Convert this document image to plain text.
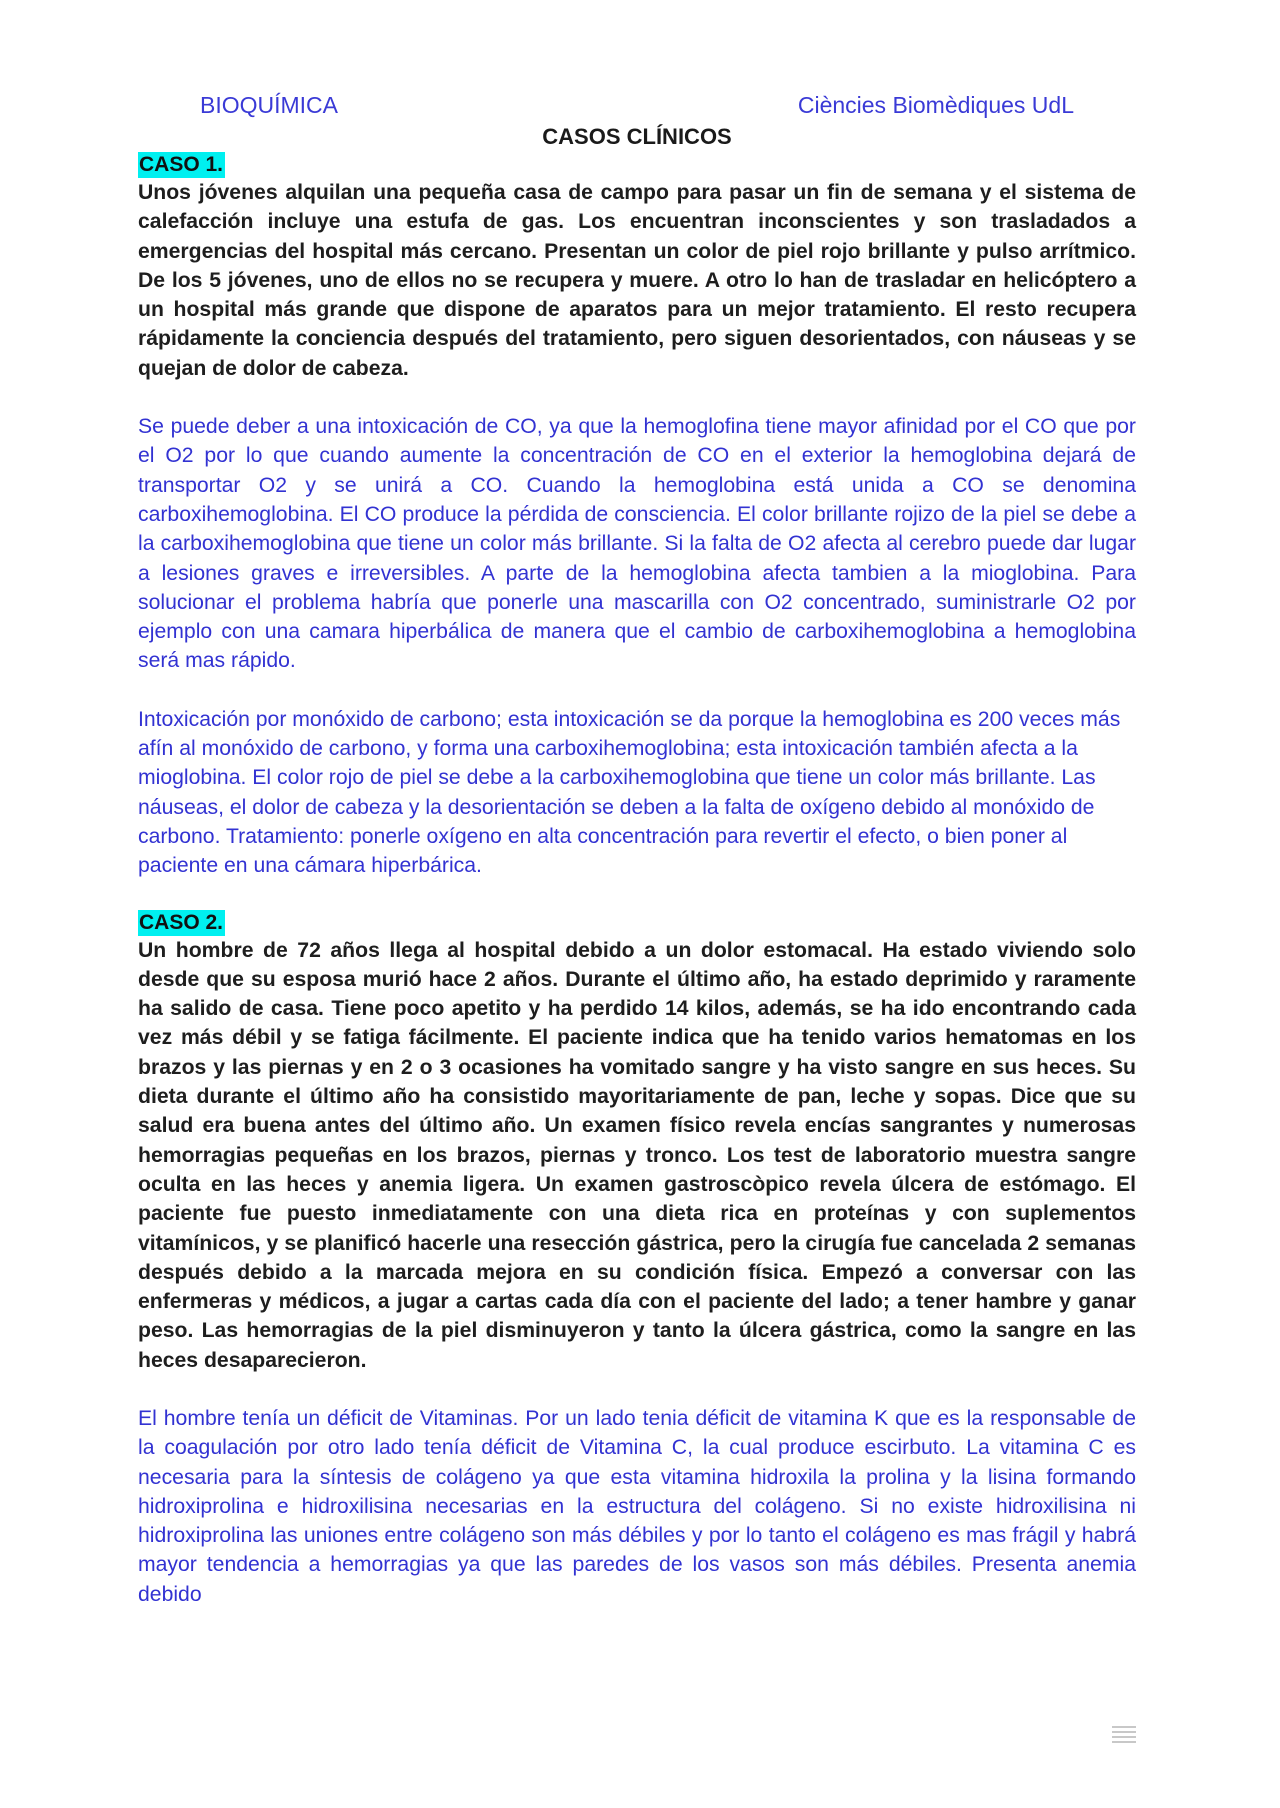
BIOQUÍMICA	Ciències Biomèdiques UdL
CASOS CLÍNICOS
CASO 1.

Unos jóvenes alquilan una pequeña casa de campo para pasar un fin de semana y el sistema de calefacción incluye una estufa de gas. Los encuentran inconscientes y son trasladados a emergencias del hospital más cercano. Presentan un color de piel rojo brillante y pulso arrítmico. De los 5 jóvenes, uno de ellos no se recupera y muere. A otro lo han de trasladar en helicóptero a un hospital más grande que dispone de aparatos para un mejor tratamiento. El resto recupera rápidamente la conciencia después del tratamiento, pero siguen desorientados, con náuseas y se quejan de dolor de cabeza.

Se puede deber a una intoxicación de CO, ya que la hemoglofina tiene mayor afinidad por el CO que por el O2 por lo que cuando aumente la concentración de CO en el exterior la hemoglobina dejará de transportar O2 y se unirá a CO. Cuando la hemoglobina está unida a CO se denomina carboxihemoglobina. El CO produce la pérdida de consciencia. El color brillante rojizo de la piel se debe a la carboxihemoglobina que tiene un color más brillante. Si la falta de O2 afecta al cerebro puede dar lugar a lesiones graves e irreversibles. A parte de la hemoglobina afecta tambien a la mioglobina. Para solucionar el problema habría que ponerle una mascarilla con O2 concentrado, suministrarle O2 por ejemplo con una camara hiperbálica de manera que el cambio de carboxihemoglobina a hemoglobina será mas rápido.

Intoxicación por monóxido de carbono; esta intoxicación se da porque la hemoglobina es 200 veces más afín al monóxido de carbono, y forma una carboxihemoglobina; esta intoxicación también afecta a la mioglobina. El color rojo de piel se debe a la carboxihemoglobina que tiene un color más brillante. Las náuseas, el dolor de cabeza y la desorientación se deben a la falta de oxígeno debido al monóxido de carbono. Tratamiento: ponerle oxígeno en alta concentración para revertir el efecto, o bien poner al paciente en una cámara hiperbárica.

CASO 2.

Un hombre de 72 años llega al hospital debido a un dolor estomacal. Ha estado viviendo solo desde que su esposa murió hace 2 años. Durante el último año, ha estado deprimido y raramente ha salido de casa. Tiene poco apetito y ha perdido 14 kilos, además, se ha ido encontrando cada vez más débil y se fatiga fácilmente. El paciente indica que ha tenido varios hematomas en los brazos y las piernas y en 2 o 3 ocasiones ha vomitado sangre y ha visto sangre en sus heces. Su dieta durante el último año ha consistido mayoritariamente de pan, leche y sopas. Dice que su salud era buena antes del último año. Un examen físico revela encías sangrantes y numerosas hemorragias pequeñas en los brazos, piernas y tronco. Los test de laboratorio muestra sangre oculta en las heces y anemia ligera. Un examen gastroscòpico revela úlcera de estómago. El paciente fue puesto inmediatamente con una dieta rica en proteínas y con suplementos vitamínicos, y se planificó hacerle una resección gástrica, pero la cirugía fue cancelada 2 semanas después debido a la marcada mejora en su condición física. Empezó a conversar con las enfermeras y médicos, a jugar a cartas cada día con el paciente del lado; a tener hambre y ganar peso. Las hemorragias de la piel disminuyeron y tanto la úlcera gástrica, como la sangre en las heces desaparecieron.

El hombre tenía un déficit de Vitaminas. Por un lado tenia déficit de vitamina K que es la responsable de la coagulación por otro lado tenía déficit de Vitamina C, la cual produce escirbuto. La vitamina C es necesaria para la síntesis de colágeno ya que esta vitamina hidroxila la prolina y la lisina formando hidroxiprolina e hidroxilisina necesarias en la estructura del colágeno. Si no existe hidroxilisina ni hidroxiprolina las uniones entre colágeno son más débiles y por lo tanto el colágeno es mas frágil y habrá mayor tendencia a hemorragias ya que las paredes de los vasos son más débiles. Presenta anemia debido
